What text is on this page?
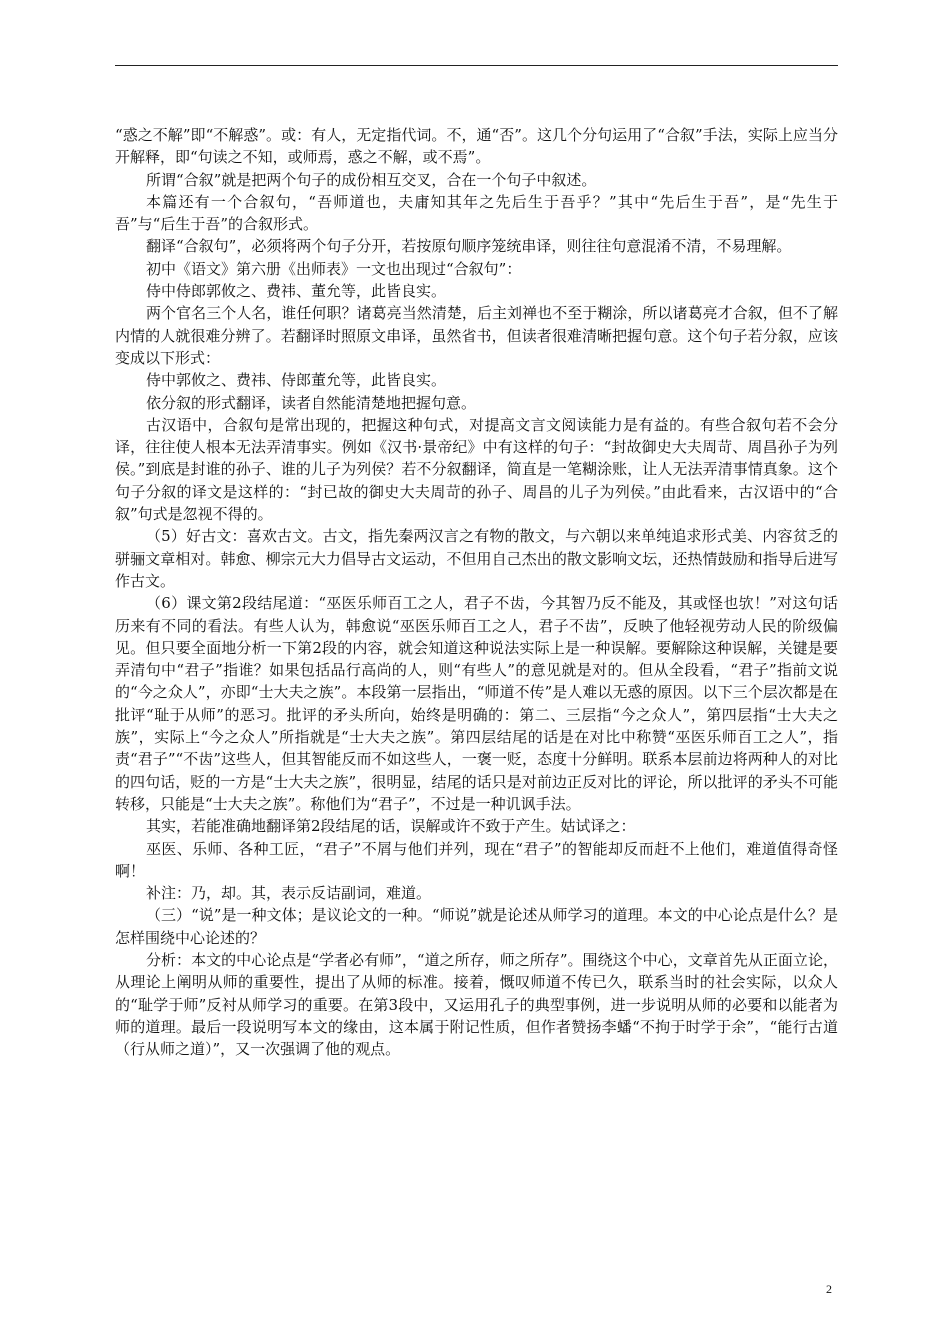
“惑之不解”即“不解惑”。或：有人，无定指代词。不，通“否”。这几个分句运用了“合叙”手法，实际上应当分开解释，即“句读之不知，或师焉，惑之不解，或不焉”。

所谓“合叙”就是把两个句子的成份相互交叉，合在一个句子中叙述。

本篇还有一个合叙句，“吾师道也，夫庸知其年之先后生于吾乎？”其中“先后生于吾”，是“先生于吾”与“后生于吾”的合叙形式。

翻译“合叙句”，必须将两个句子分开，若按原句顺序笼统串译，则往往句意混淆不清，不易理解。

初中《语文》第六册《出师表》一文也出现过“合叙句”：

侍中侍郎郭攸之、费祎、董允等，此皆良实。

两个官名三个人名，谁任何职？诸葛亮当然清楚，后主刘禅也不至于糊涂，所以诸葛亮才合叙，但不了解内情的人就很难分辨了。若翻译时照原文串译，虽然省书，但读者很难清晰把握句意。这个句子若分叙，应该变成以下形式：

侍中郭攸之、费祎、侍郎董允等，此皆良实。

依分叙的形式翻译，读者自然能清楚地把握句意。

古汉语中，合叙句是常出现的，把握这种句式，对提高文言文阅读能力是有益的。有些合叙句若不会分译，往往使人根本无法弄清事实。例如《汉书·景帝纪》中有这样的句子：“封故御史大夫周苛、周昌孙子为列侯。”到底是封谁的孙子、谁的儿子为列侯？若不分叙翻译，简直是一笔糊涂账，让人无法弄清事情真象。这个句子分叙的译文是这样的：“封已故的御史大夫周苛的孙子、周昌的儿子为列侯。”由此看来，古汉语中的“合叙”句式是忽视不得的。

（5）好古文：喜欢古文。古文，指先秦两汉言之有物的散文，与六朝以来单纯追求形式美、内容贫乏的骈骊文章相对。韩愈、柳宗元大力倡导古文运动，不但用自己杰出的散文影响文坛，还热情鼓励和指导后进写作古文。

（6）课文第2段结尾道：“巫医乐师百工之人，君子不齿，今其智乃反不能及，其或怪也欤！”对这句话历来有不同的看法。有些人认为，韩愈说“巫医乐师百工之人，君子不齿”，反映了他轻视劳动人民的阶级偏见。但只要全面地分析一下第2段的内容，就会知道这种说法实际上是一种误解。要解除这种误解，关键是要弄清句中“君子”指谁？如果包括品行高尚的人，则“有些人”的意见就是对的。但从全段看，“君子”指前文说的“今之众人”，亦即“士大夫之族”。本段第一层指出，“师道不传”是人难以无惑的原因。以下三个层次都是在批评“耻于从师”的恶习。批评的矛头所向，始终是明确的：第二、三层指“今之众人”，第四层指“士大夫之族”，实际上“今之众人”所指就是“士大夫之族”。第四层结尾的话是在对比中称赞“巫医乐师百工之人”，指责“君子”“不齿”这些人，但其智能反而不如这些人，一褒一贬，态度十分鲜明。联系本层前边将两种人的对比的四句话，贬的一方是“士大夫之族”，很明显，结尾的话只是对前边正反对比的评论，所以批评的矛头不可能转移，只能是“士大夫之族”。称他们为“君子”，不过是一种讥讽手法。

其实，若能准确地翻译第2段结尾的话，误解或许不致于产生。姑试译之：

巫医、乐师、各种工匠，“君子”不屑与他们并列，现在“君子”的智能却反而赶不上他们，难道值得奇怪啊！

补注：乃，却。其，表示反诘副词，难道。

（三）“说”是一种文体；是议论文的一种。“师说”就是论述从师学习的道理。本文的中心论点是什么？是怎样围绕中心论述的？

分析：本文的中心论点是“学者必有师”，“道之所存，师之所存”。围绕这个中心，文章首先从正面立论，从理论上阐明从师的重要性，提出了从师的标准。接着，慨叹师道不传已久，联系当时的社会实际，以众人的“耻学于师”反衬从师学习的重要。在第3段中，又运用孔子的典型事例，进一步说明从师的必要和以能者为师的道理。最后一段说明写本文的缘由，这本属于附记性质，但作者赞扬李蟠“不拘于时学于余”，“能行古道（行从师之道）”，又一次强调了他的观点。

2
